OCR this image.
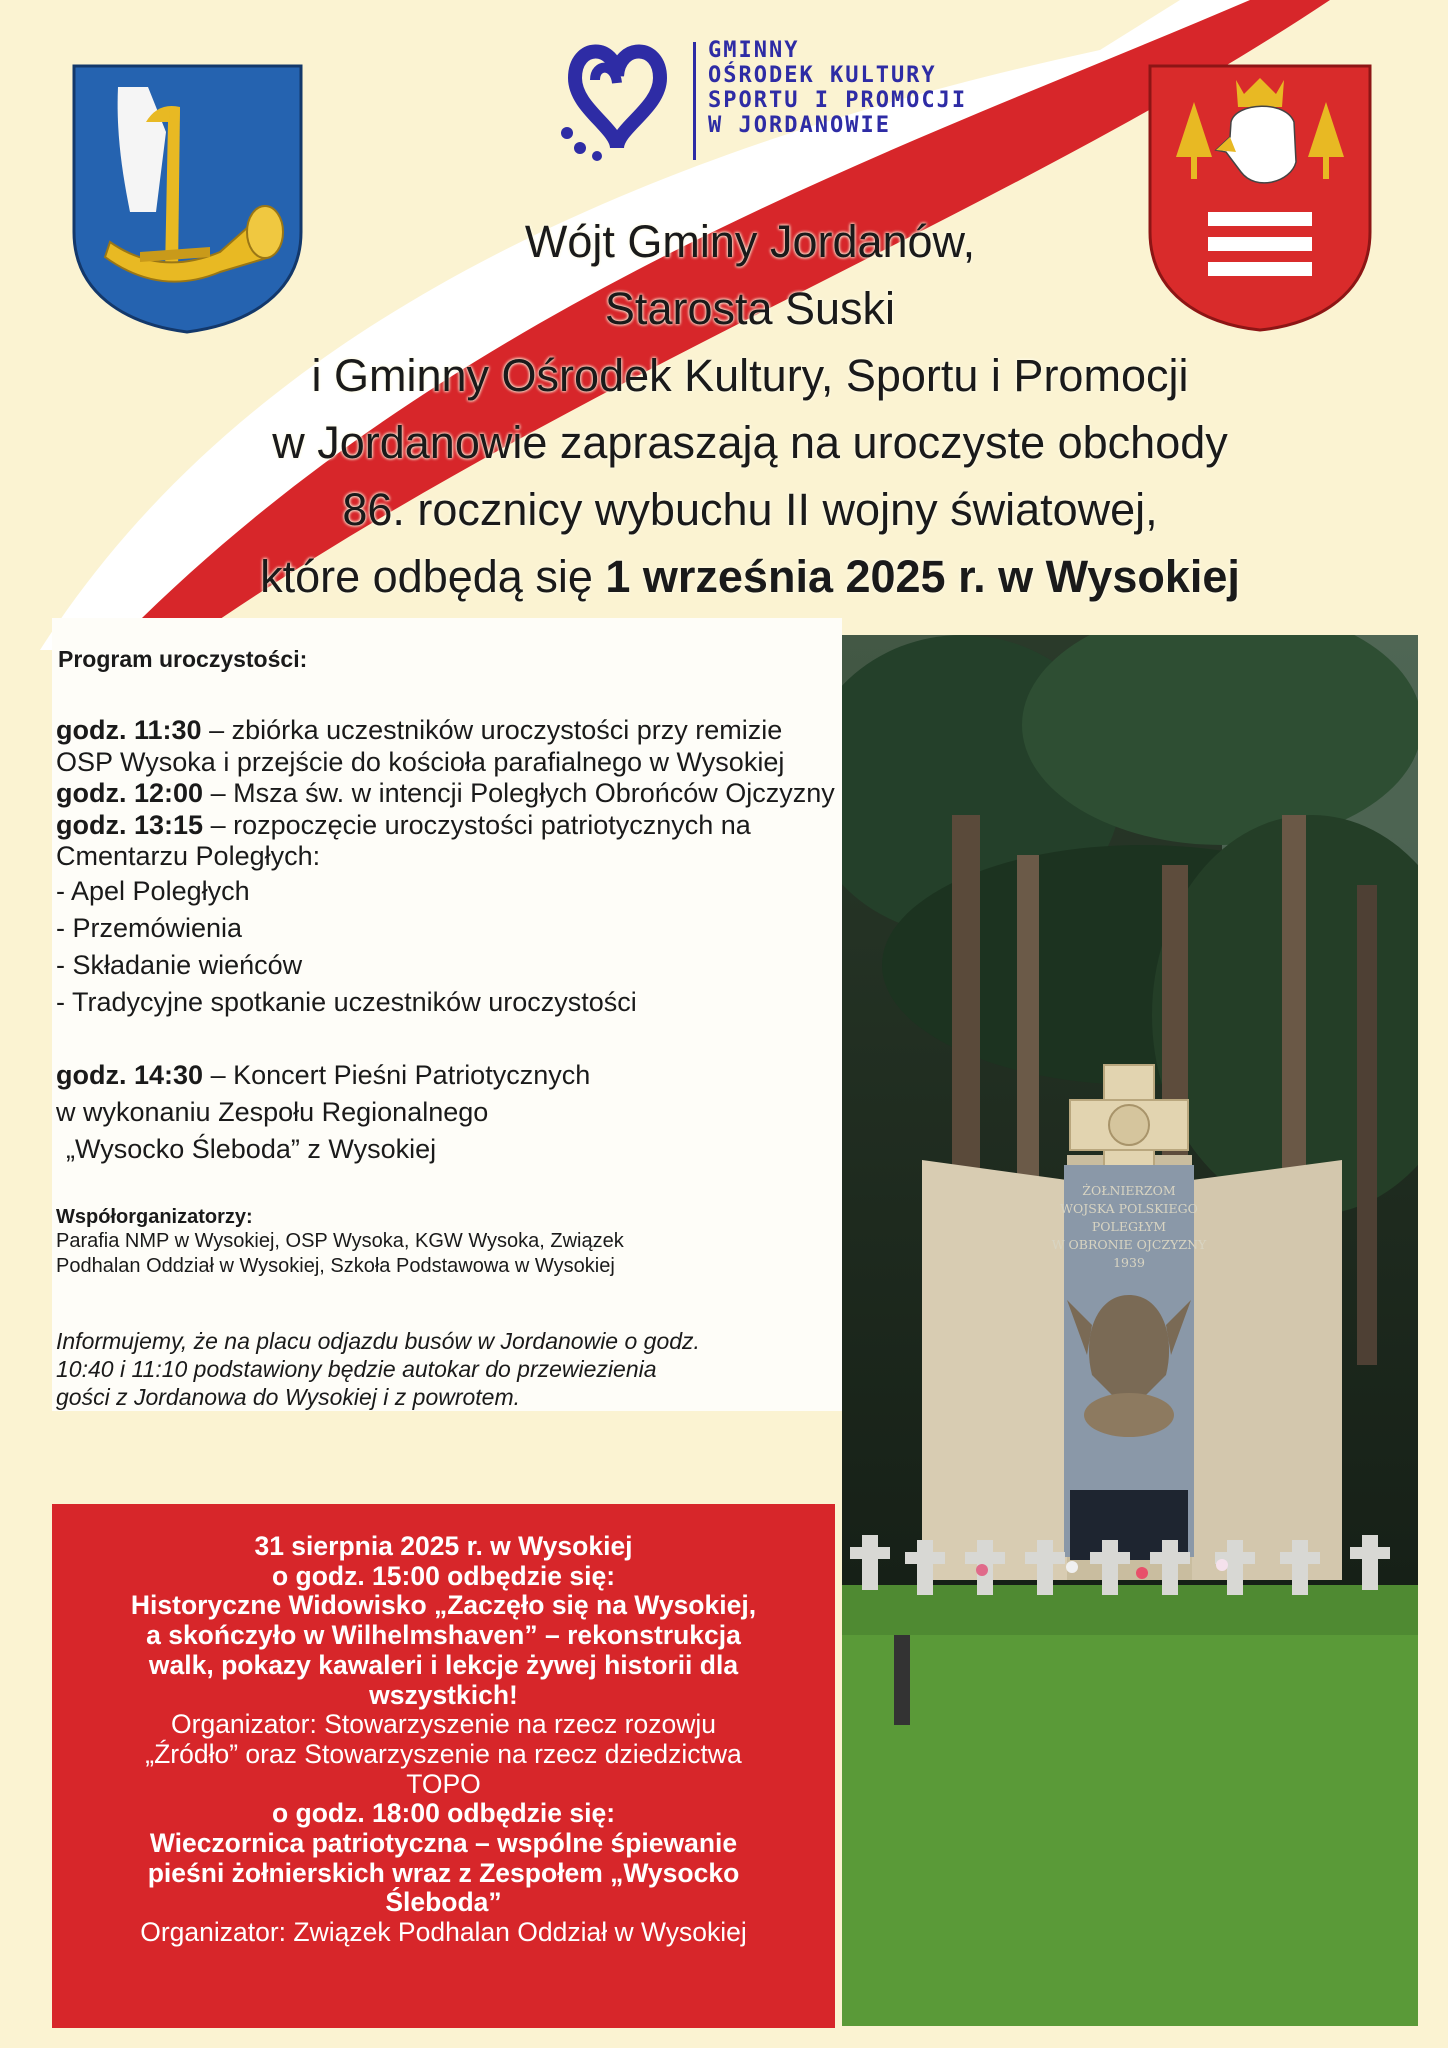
GMINNY
OŚRODEK KULTURY
SPORTU I PROMOCJI
W JORDANOWIE
Wójt Gminy Jordanów,
Starosta Suski
i Gminny Ośrodek Kultury, Sportu i Promocji
w Jordanowie zapraszają na uroczyste obchody
86. rocznicy wybuchu II wojny światowej,
które odbędą się 1 września 2025 r. w Wysokiej
Program uroczystości:
godz. 11:30 – zbiórka uczestników uroczystości przy remizie OSP Wysoka i przejście do kościoła parafialnego w Wysokiej
godz. 12:00 – Msza św. w intencji Poległych Obrońców Ojczyzny
godz. 13:15 – rozpoczęcie uroczystości patriotycznych na Cmentarzu Poległych:
- Apel Poległych
- Przemówienia
- Składanie wieńców
- Tradycyjne spotkanie uczestników uroczystości
godz. 14:30 – Koncert Pieśni Patriotycznych
w wykonaniu Zespołu Regionalnego
„Wysocko Śleboda” z Wysokiej
Współorganizatorzy:
Parafia NMP w Wysokiej, OSP Wysoka, KGW Wysoka, Związek
Podhalan Oddział w Wysokiej, Szkoła Podstawowa w Wysokiej
Informujemy, że na placu odjazdu busów w Jordanowie o godz.
10:40 i 11:10 podstawiony będzie autokar do przewiezienia
gości z Jordanowa do Wysokiej i z powrotem.
ŻOŁNIERZOM
WOJSKA POLSKIEGO
POLEGŁYM
W OBRONIE OJCZYZNY
1939
31 sierpnia 2025 r. w Wysokiej
o godz. 15:00 odbędzie się:
Historyczne Widowisko „Zaczęło się na Wysokiej,
a skończyło w Wilhelmshaven” – rekonstrukcja
walk, pokazy kawaleri i lekcje żywej historii dla
wszystkich!
Organizator: Stowarzyszenie na rzecz rozowju
„Źródło” oraz Stowarzyszenie na rzecz dziedzictwa
TOPO
o godz. 18:00 odbędzie się:
Wieczornica patriotyczna – wspólne śpiewanie
pieśni żołnierskich wraz z Zespołem „Wysocko
Śleboda”
Organizator: Związek Podhalan Oddział w Wysokiej
